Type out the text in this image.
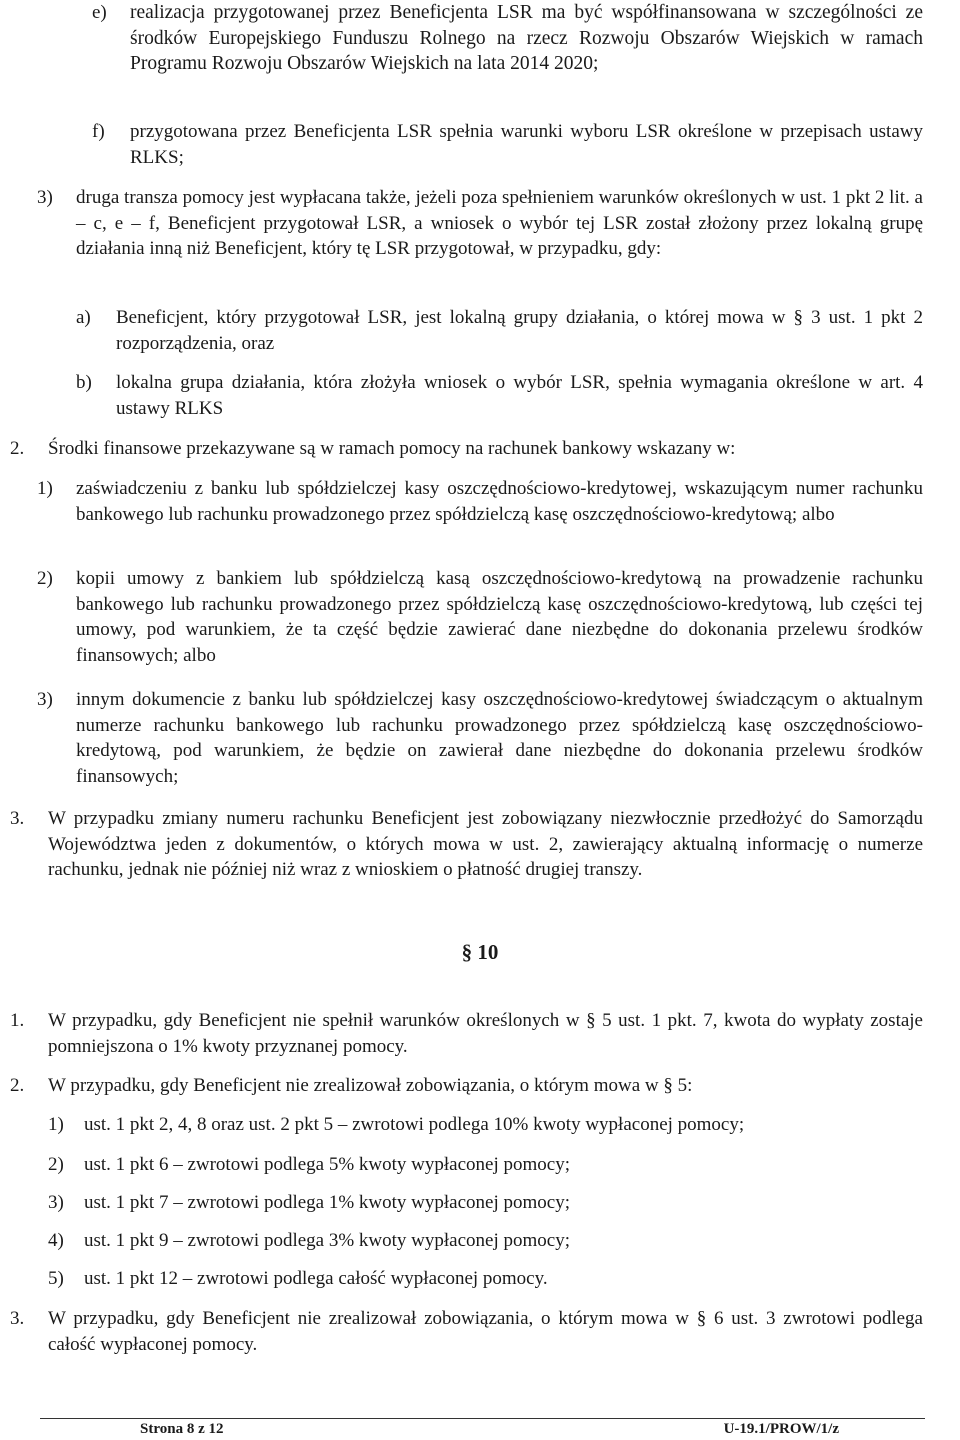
e) realizacja przygotowanej przez Beneficjenta LSR ma być współfinansowana w szczególności ze środków Europejskiego Funduszu Rolnego na rzecz Rozwoju Obszarów Wiejskich w ramach Programu Rozwoju Obszarów Wiejskich na lata 2014 2020;

f) przygotowana przez Beneficjenta LSR spełnia warunki wyboru LSR określone w przepisach ustawy RLKS;

3) druga transza pomocy jest wypłacana także, jeżeli poza spełnieniem warunków określonych w ust. 1 pkt 2 lit. a – c, e – f, Beneficjent przygotował LSR, a wniosek o wybór tej LSR został złożony przez lokalną grupę działania inną niż Beneficjent, który tę LSR przygotował, w przypadku, gdy:

a) Beneficjent, który przygotował LSR, jest lokalną grupy działania, o której mowa w § 3 ust. 1 pkt 2 rozporządzenia, oraz

b) lokalna grupa działania, która złożyła wniosek o wybór LSR, spełnia wymagania określone w art. 4 ustawy RLKS

2. Środki finansowe przekazywane są w ramach pomocy na rachunek bankowy wskazany w:

1) zaświadczeniu z banku lub spółdzielczej kasy oszczędnościowo-kredytowej, wskazującym numer rachunku bankowego lub rachunku prowadzonego przez spółdzielczą kasę oszczędnościowo-kredytową; albo

2) kopii umowy z bankiem lub spółdzielczą kasą oszczędnościowo-kredytową na prowadzenie rachunku bankowego lub rachunku prowadzonego przez spółdzielczą kasę oszczędnościowo-kredytową, lub części tej umowy, pod warunkiem, że ta część będzie zawierać dane niezbędne do dokonania przelewu środków finansowych; albo

3) innym dokumencie z banku lub spółdzielczej kasy oszczędnościowo-kredytowej świadczącym o aktualnym numerze rachunku bankowego lub rachunku prowadzonego przez spółdzielczą kasę oszczędnościowo-kredytową, pod warunkiem, że będzie on zawierał dane niezbędne do dokonania przelewu środków finansowych;

3. W przypadku zmiany numeru rachunku Beneficjent jest zobowiązany niezwłocznie przedłożyć do Samorządu Województwa jeden z dokumentów, o których mowa w ust. 2, zawierający aktualną informację o numerze rachunku, jednak nie później niż wraz z wnioskiem o płatność drugiej transzy.

§ 10
1. W przypadku, gdy Beneficjent nie spełnił warunków określonych w § 5 ust. 1 pkt. 7, kwota do wypłaty zostaje pomniejszona o 1% kwoty przyznanej pomocy.

2. W przypadku, gdy Beneficjent nie zrealizował zobowiązania, o którym mowa w § 5:

1) ust. 1 pkt 2, 4, 8 oraz ust. 2 pkt 5 – zwrotowi podlega 10% kwoty wypłaconej pomocy;

2) ust. 1 pkt 6 – zwrotowi podlega 5% kwoty wypłaconej pomocy;

3) ust. 1 pkt 7 – zwrotowi podlega 1% kwoty wypłaconej pomocy;

4) ust. 1 pkt 9 – zwrotowi podlega 3% kwoty wypłaconej pomocy;

5) ust. 1 pkt 12 – zwrotowi podlega całość wypłaconej pomocy.

3. W przypadku, gdy Beneficjent nie zrealizował zobowiązania, o którym mowa w § 6 ust. 3 zwrotowi podlega całość wypłaconej pomocy.

Strona 8 z 12	U-19.1/PROW/1/z
